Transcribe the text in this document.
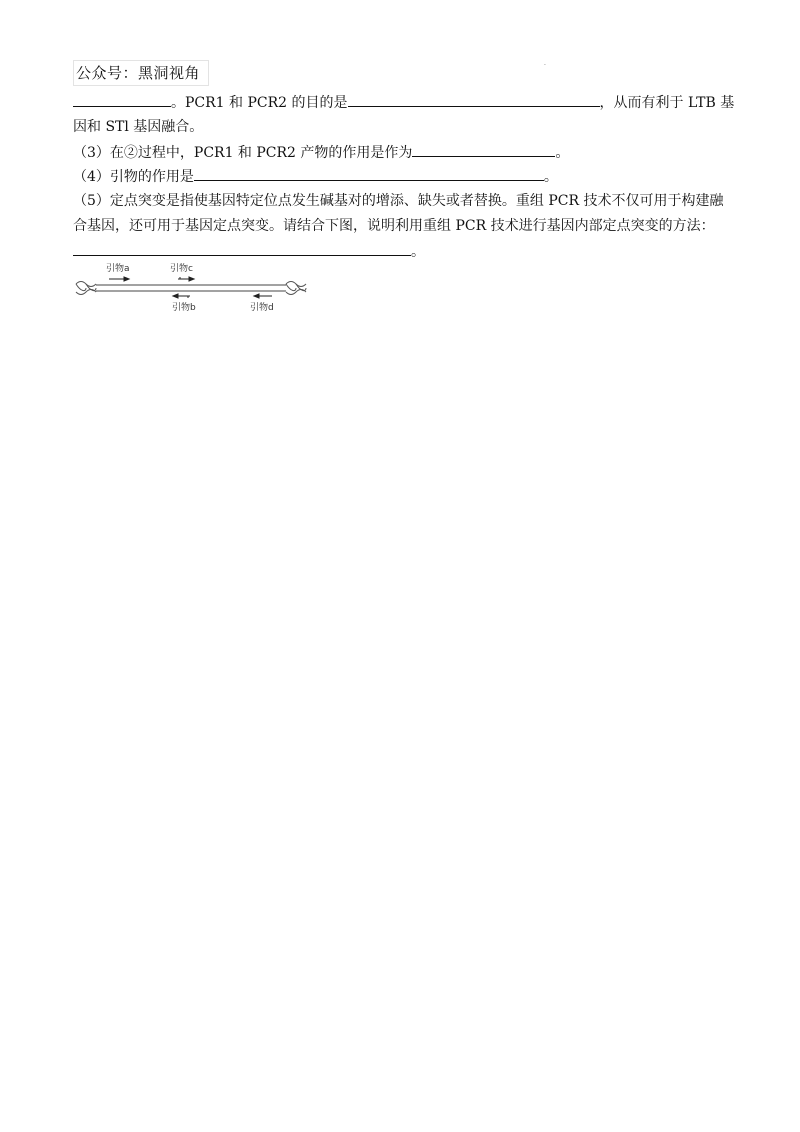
公众号：黑洞视角	·
。PCR1 和 PCR2 的目的是	，从而有利于 LTB 基
因和 STl 基因融合。
（3）在②过程中，PCR1 和 PCR2 产物的作用是作为	。
（4）引物的作用是	。
（5）定点突变是指使基因特定位点发生碱基对的增添、缺失或者替换。重组 PCR 技术不仅可用于构建融
合基因，还可用于基因定点突变。请结合下图，说明利用重组 PCR 技术进行基因内部定点突变的方法：
。
引物a	引物c
引物b	引物d
